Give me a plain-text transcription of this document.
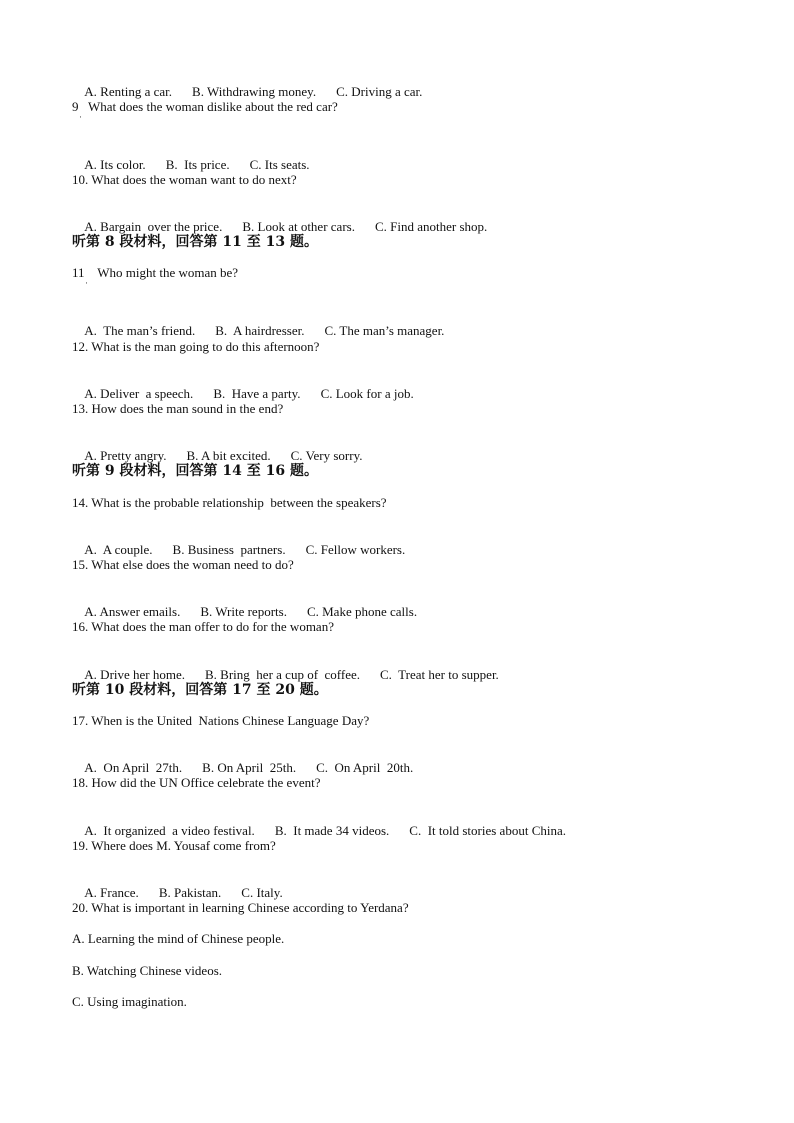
A. Renting a car. B. Withdrawing money. C. Driving a car.

9   What does the woman dislike about the red car?
·

A. Its color. B.  Its price. C. Its seats.

10. What does the woman want to do next?

A. Bargain  over the price. B. Look at other cars. C. Find another shop.

听第 8 段材料，回答第 11 至 13 题。
11    Who might the woman be?
·

A.  The man’s friend. B.  A hairdresser. C. The man’s manager.

12. What is the man going to do this afternoon?

A. Deliver  a speech. B.  Have a party. C. Look for a job.

13. How does the man sound in the end?

A. Pretty angry. B. A bit excited. C. Very sorry.

听第 9 段材料，回答第 14 至 16 题。
14. What is the probable relationship  between the speakers?

A.  A couple. B. Business  partners. C. Fellow workers.

15. What else does the woman need to do?

A. Answer emails. B. Write reports. C. Make phone calls.

16. What does the man offer to do for the woman?

A. Drive her home. B. Bring  her a cup of  coffee. C.  Treat her to supper.

听第 10 段材料，回答第 17 至 20 题。
17. When is the United  Nations Chinese Language Day?

A.  On April  27th. B. On April  25th. C.  On April  20th.

18. How did the UN Office celebrate the event?

A.  It organized  a video festival. B.  It made 34 videos. C.  It told stories about China.

19. Where does M. Yousaf come from?

A. France. B. Pakistan. C. Italy.

20. What is important in learning Chinese according to Yerdana?
A. Learning the mind of Chinese people.
B. Watching Chinese videos.
C. Using imagination.
